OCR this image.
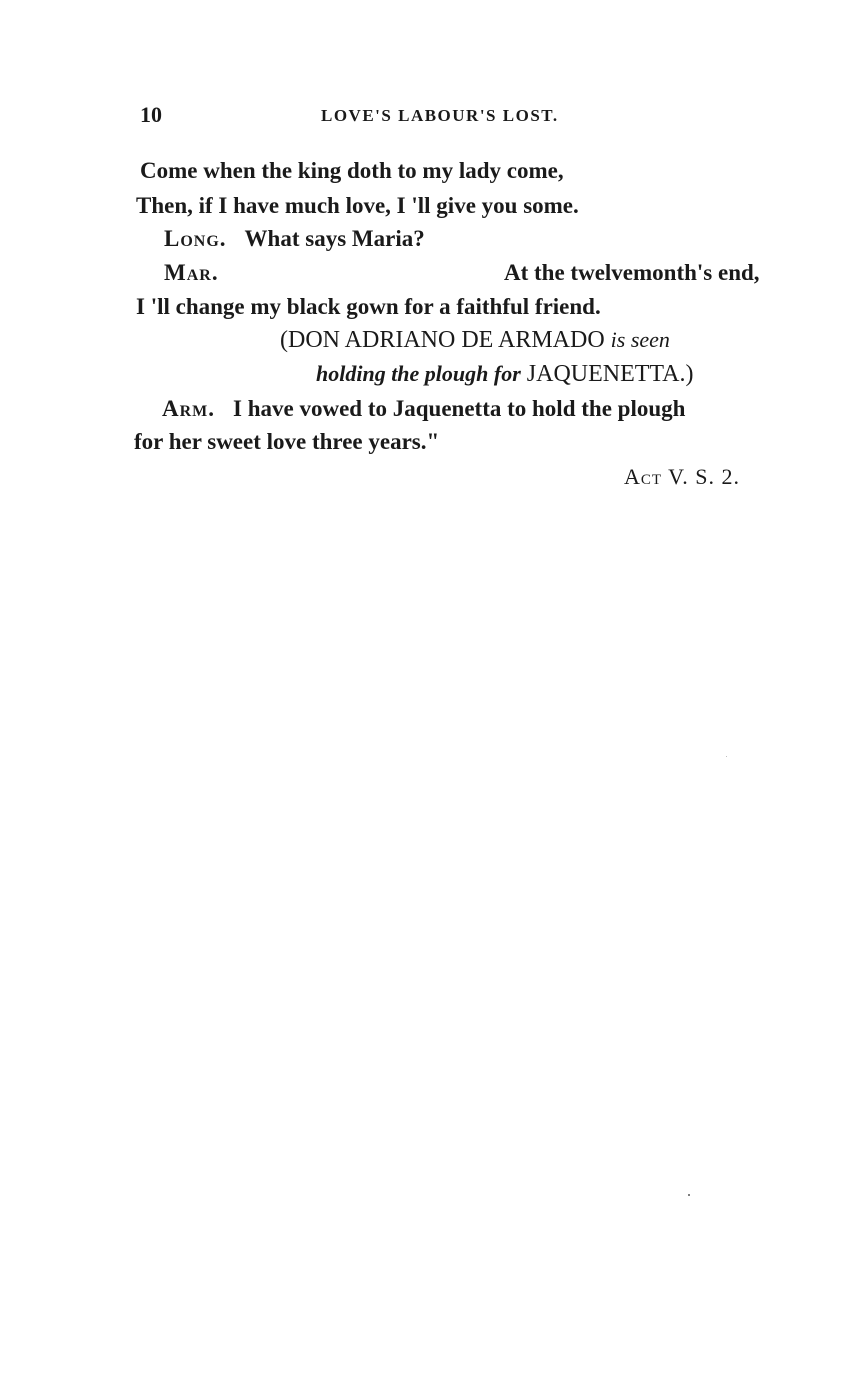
10	LOVE'S LABOUR'S LOST.
Come when the king doth to my lady come,
Then, if I have much love, I 'll give you some.
Long. What says Maria?
Mar.	At the twelvemonth's end,
I 'll change my black gown for a faithful friend.
(DON ADRIANO DE ARMADO is seen
holding the plough for JAQUENETTA.)
Arm. I have vowed to Jaquenetta to hold the plough
for her sweet love three years."
Act V. S. 2.
